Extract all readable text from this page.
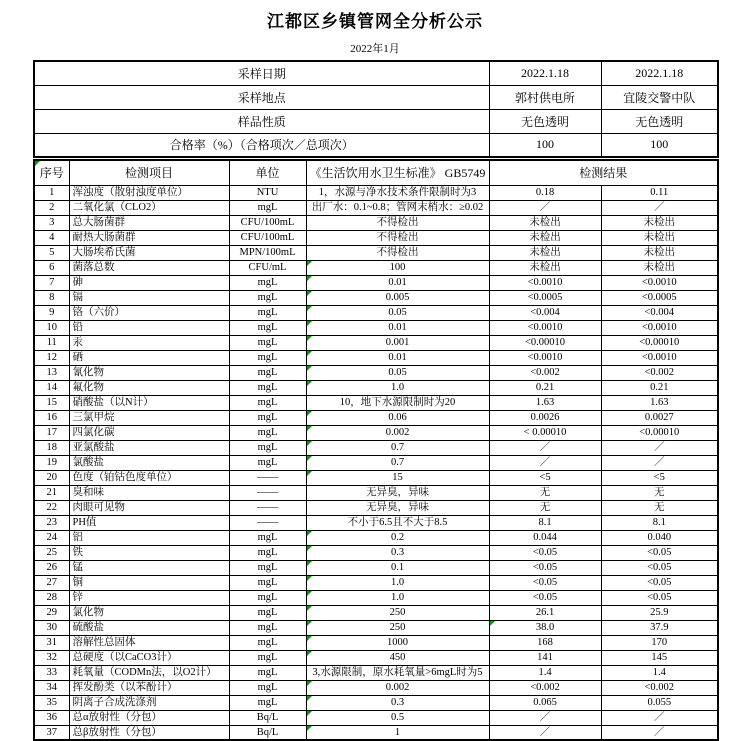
江都区乡镇管网全分析公示
2022年1月
采样日期	2022.1.18	2022.1.18
采样地点	郭村供电所	宜陵交警中队
样品性质	无色透明	无色透明
合格率（%）（合格项次／总项次）	100	100
序号	检测项目	单位	《生活饮用水卫生标准》 GB5749	检测结果	
1	浑浊度（散射浊度单位）	NTU	1，水源与净水技术条件限制时为3	0.18	0.11
2	二氧化氯（CLO2）	mgL	出厂水：0.1~0.8；管网末梢水：≥0.02	／	／
3	总大肠菌群	CFU/100mL	不得检出	未检出	未检出
4	耐热大肠菌群	CFU/100mL	不得检出	未检出	未检出
5	大肠埃希氏菌	MPN/100mL	不得检出	未检出	未检出
6	菌落总数	CFU/mL	100	未检出	未检出
7	砷	mgL	0.01	<0.0010	<0.0010
8	镉	mgL	0.005	<0.0005	<0.0005
9	铬（六价）	mgL	0.05	<0.004	<0.004
10	铅	mgL	0.01	<0.0010	<0.0010
11	汞	mgL	0.001	<0.00010	<0.00010
12	硒	mgL	0.01	<0.0010	<0.0010
13	氰化物	mgL	0.05	<0.002	<0.002
14	氟化物	mgL	1.0	0.21	0.21
15	硝酸盐（以N计）	mgL	10，地下水源限制时为20	1.63	1.63
16	三氯甲烷	mgL	0.06	0.0026	0.0027
17	四氯化碳	mgL	0.002	< 0.00010	<0.00010
18	亚氯酸盐	mgL	0.7	／	／
19	氯酸盐	mgL	0.7	／	／
20	色度（铂钴色度单位）	——	15	<5	<5
21	臭和味	——	无异臭，异味	无	无
22	肉眼可见物	——	无异臭，异味	无	无
23	PH值	——	不小于6.5且不大于8.5	8.1	8.1
24	铝	mgL	0.2	0.044	0.040
25	铁	mgL	0.3	<0.05	<0.05
26	锰	mgL	0.1	<0.05	<0.05
27	铜	mgL	1.0	<0.05	<0.05
28	锌	mgL	1.0	<0.05	<0.05
29	氯化物	mgL	250	26.1	25.9
30	硫酸盐	mgL	250	38.0	37.9
31	溶解性总固体	mgL	1000	168	170
32	总硬度（以CaCO3计）	mgL	450	141	145
33	耗氧量（CODMn法，以O2计）	mgL	3,水源限制，原水耗氧量>6mgL时为5	1.4	1.4
34	挥发酚类（以苯酚计）	mgL	0.002	<0.002	<0.002
35	阴离子合成洗涤剂	mgL	0.3	0.065	0.055
36	总α放射性（分包）	Bq/L	0.5	／	／
37	总β放射性（分包）	Bq/L	1	／	／
